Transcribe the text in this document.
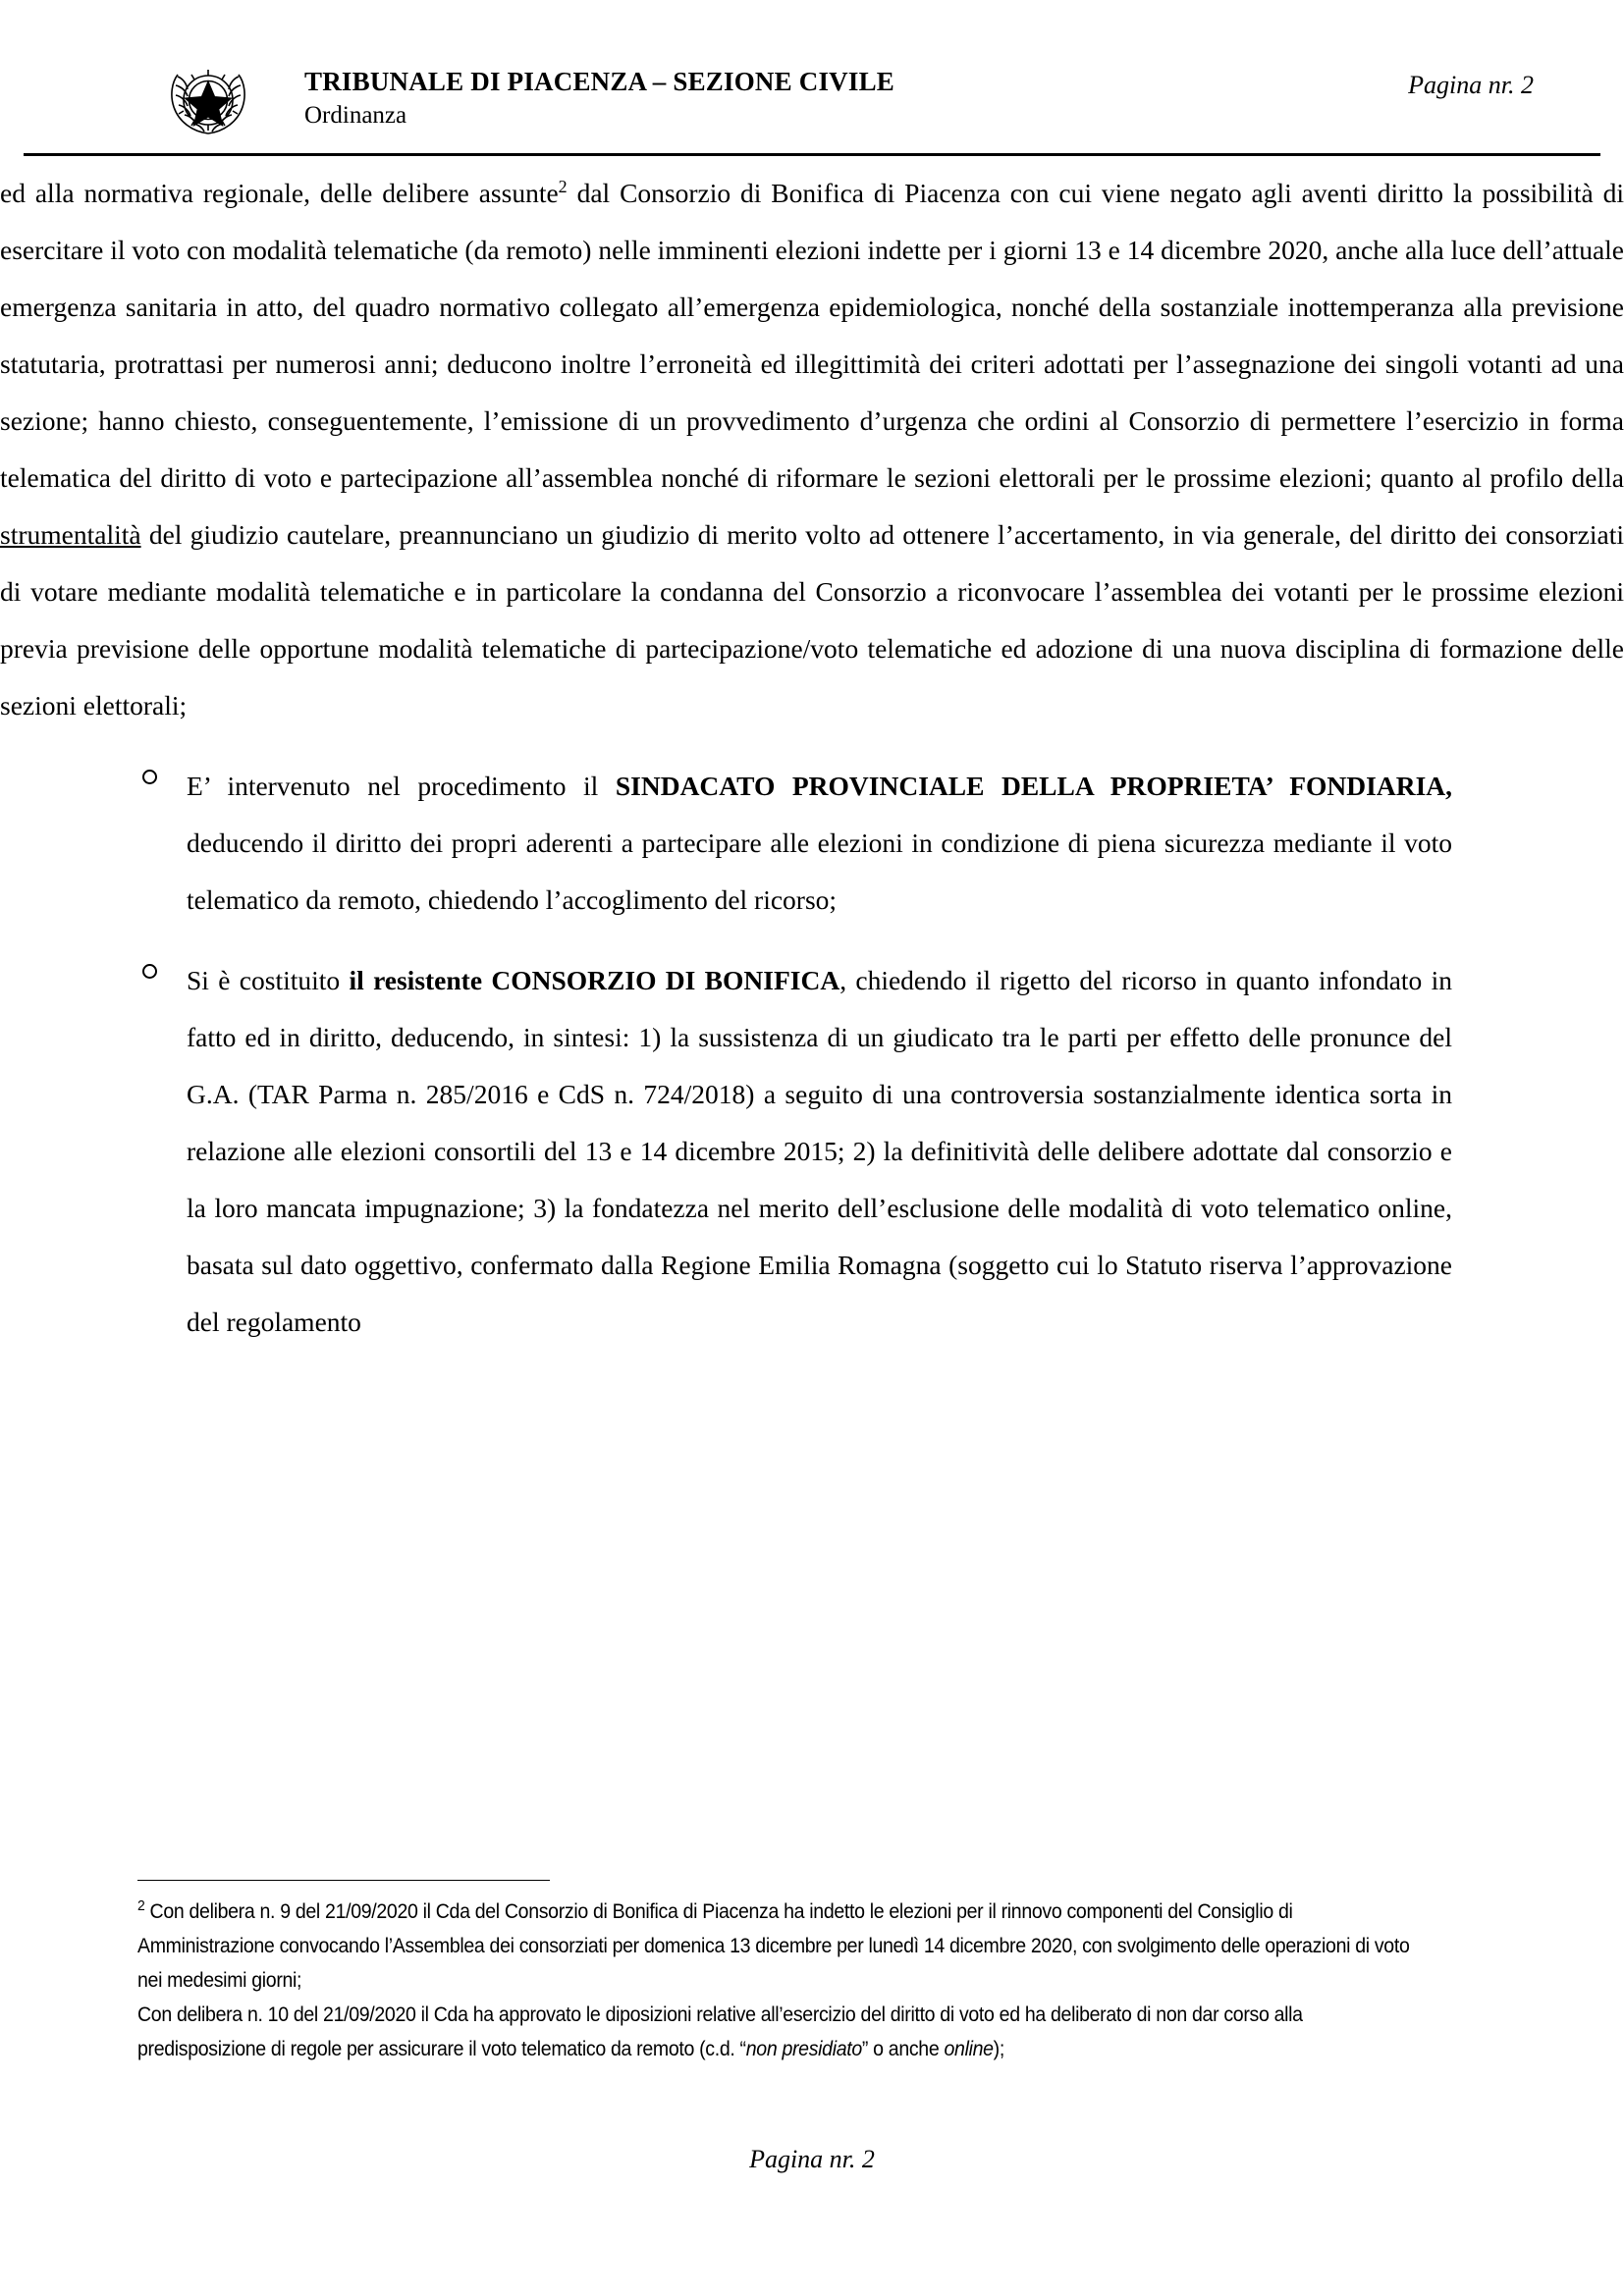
TRIBUNALE DI PIACENZA – SEZIONE CIVILE
Ordinanza
Pagina nr. 2

ed alla normativa regionale, delle delibere assunte$^2$ dal Consorzio di Bonifica di Piacenza con cui viene negato agli aventi diritto la possibilità di esercitare il voto con modalità telematiche (da remoto) nelle imminenti elezioni indette per i giorni 13 e 14 dicembre 2020, anche alla luce dell’attuale emergenza sanitaria in atto, del quadro normativo collegato all’emergenza epidemiologica, nonché della sostanziale inottemperanza alla previsione statutaria, protrattasi per numerosi anni; deducono inoltre l’erroneità ed illegittimità dei criteri adottati per l’assegnazione dei singoli votanti ad una sezione; hanno chiesto, conseguentemente, l’emissione di un provvedimento d’urgenza che ordini al Consorzio di permettere l’esercizio in forma telematica del diritto di voto e partecipazione all’assemblea nonché di riformare le sezioni elettorali per le prossime elezioni; quanto al profilo della strumentalità del giudizio cautelare, preannunciano un giudizio di merito volto ad ottenere l’accertamento, in via generale, del diritto dei consorziati di votare mediante modalità telematiche e in particolare la condanna del Consorzio a riconvocare l’assemblea dei votanti per le prossime elezioni previa previsione delle opportune modalità telematiche di partecipazione/voto telematiche ed adozione di una nuova disciplina di formazione delle sezioni elettorali;

E’ intervenuto nel procedimento il SINDACATO PROVINCIALE DELLA PROPRIETA’ FONDIARIA, deducendo il diritto dei propri aderenti a partecipare alle elezioni in condizione di piena sicurezza mediante il voto telematico da remoto, chiedendo l’accoglimento del ricorso;

Si è costituito il resistente CONSORZIO DI BONIFICA, chiedendo il rigetto del ricorso in quanto infondato in fatto ed in diritto, deducendo, in sintesi: 1) la sussistenza di un giudicato tra le parti per effetto delle pronunce del G.A. (TAR Parma n. 285/2016 e CdS n. 724/2018) a seguito di una controversia sostanzialmente identica sorta in relazione alle elezioni consortili del 13 e 14 dicembre 2015; 2) la definitività delle delibere adottate dal consorzio e la loro mancata impugnazione; 3) la fondatezza nel merito dell’esclusione delle modalità di voto telematico online, basata sul dato oggettivo, confermato dalla Regione Emilia Romagna (soggetto cui lo Statuto riserva l’approvazione del regolamento

$^2$ Con delibera n. 9 del 21/09/2020 il Cda del Consorzio di Bonifica di Piacenza ha indetto le elezioni per il rinnovo componenti del Consiglio di Amministrazione convocando l’Assemblea dei consorziati per domenica 13 dicembre per lunedì 14 dicembre 2020, con svolgimento delle operazioni di voto nei medesimi giorni;

Con delibera n. 10 del 21/09/2020 il Cda ha approvato le diposizioni relative all’esercizio del diritto di voto ed ha deliberato di non dar corso alla predisposizione di regole per assicurare il voto telematico da remoto (c.d. “non presidiato” o anche online);

Pagina nr. 2
